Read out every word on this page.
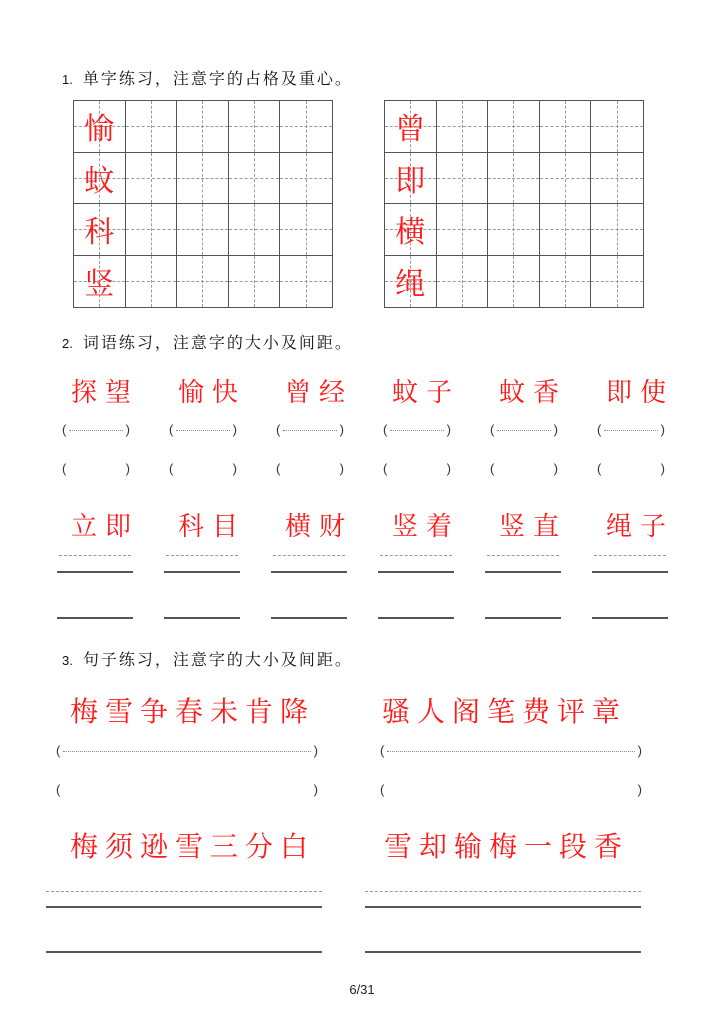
1. 单字练习，注意字的占格及重心。
愉
蚊
科
竖
曾
即
横
绳
2. 词语练习，注意字的大小及间距。
3. 句子练习，注意字的大小及间距。
梅雪争春未肯降 骚人阁笔费评章
(	)
(	)
(	)
(	)
梅须逊雪三分白 雪却输梅一段香
6/31
探望
(	)
(	)
愉快
(	)
(	)
曾经
(	)
(	)
蚊子
(	)
(	)
蚊香
(	)
(	)
即使
(	)
(	)
立即	科目	横财	竖着	竖直	绳子
